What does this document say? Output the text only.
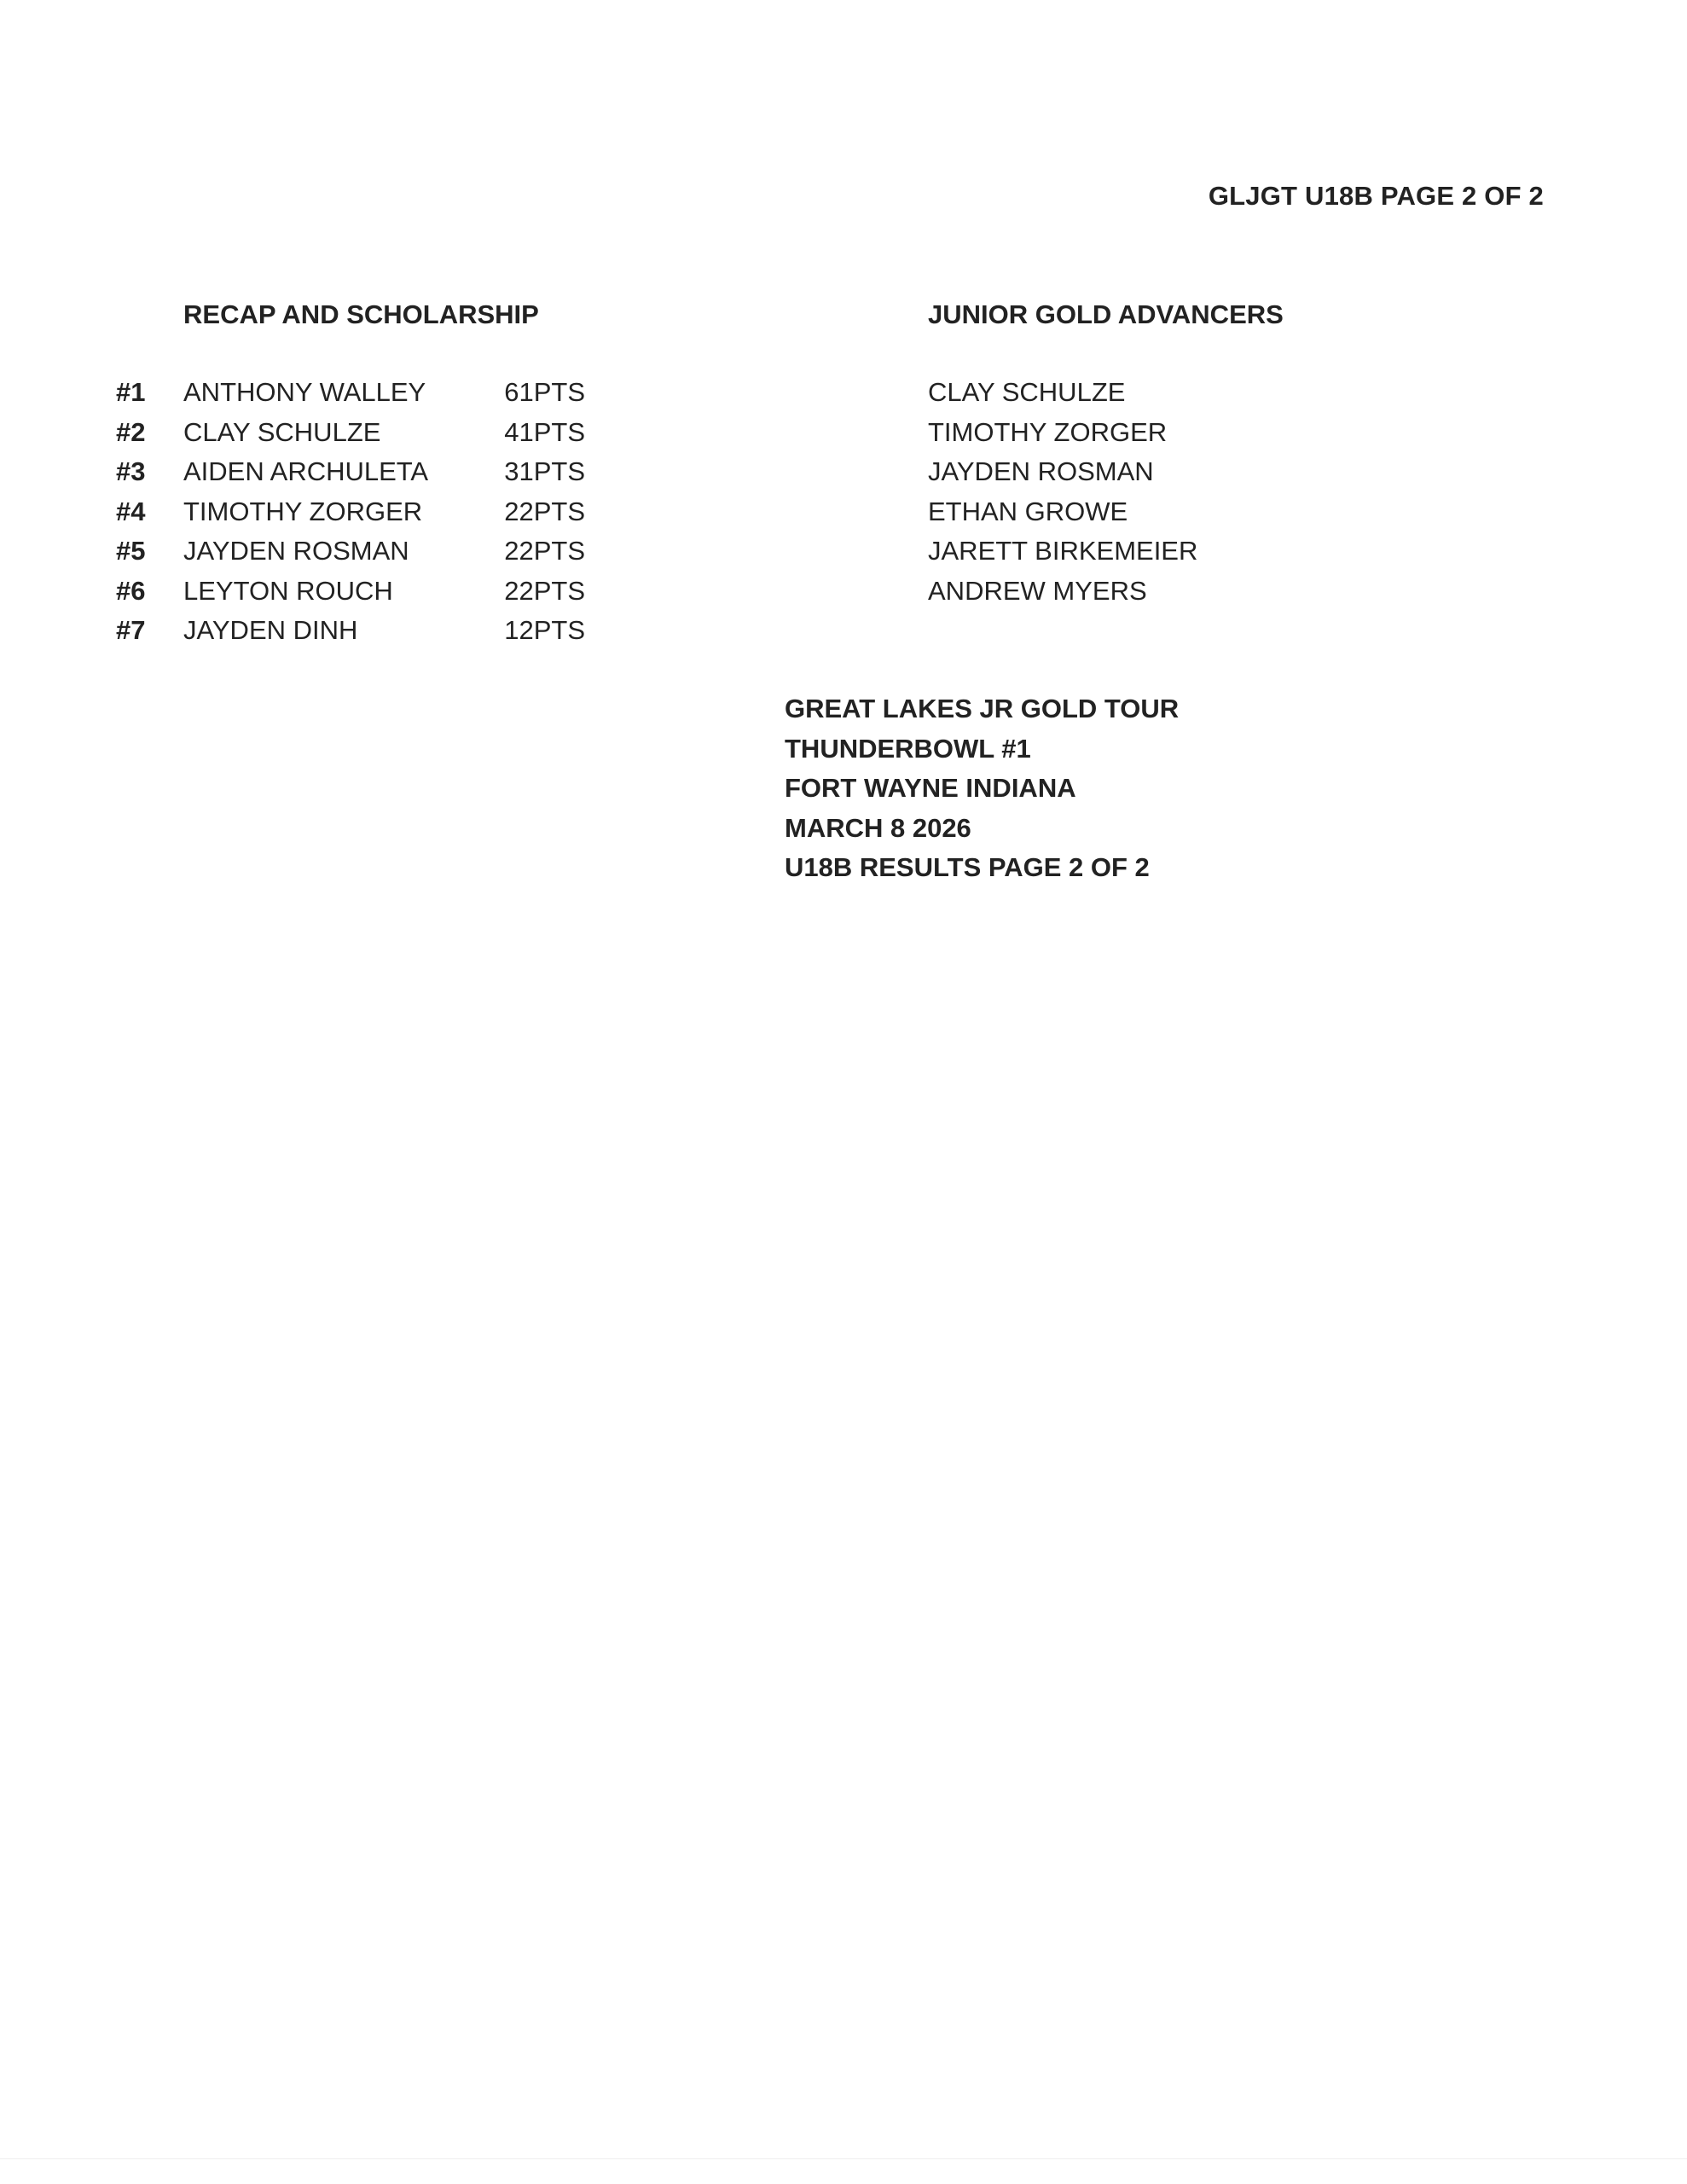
GLJGT U18B PAGE 2 OF 2
RECAP AND SCHOLARSHIP	JUNIOR GOLD ADVANCERS
#1 ANTHONY WALLEY	61PTS
#2 CLAY SCHULZE	41PTS
#3 AIDEN ARCHULETA	31PTS
#4 TIMOTHY ZORGER	22PTS
#5 JAYDEN ROSMAN	22PTS
#6 LEYTON ROUCH	22PTS
#7 JAYDEN DINH	12PTS
CLAY SCHULZE
TIMOTHY ZORGER
JAYDEN ROSMAN
ETHAN GROWE
JARETT BIRKEMEIER
ANDREW MYERS
GREAT LAKES JR GOLD TOUR
THUNDERBOWL #1
FORT WAYNE INDIANA
MARCH 8 2026
U18B RESULTS PAGE 2 OF 2
